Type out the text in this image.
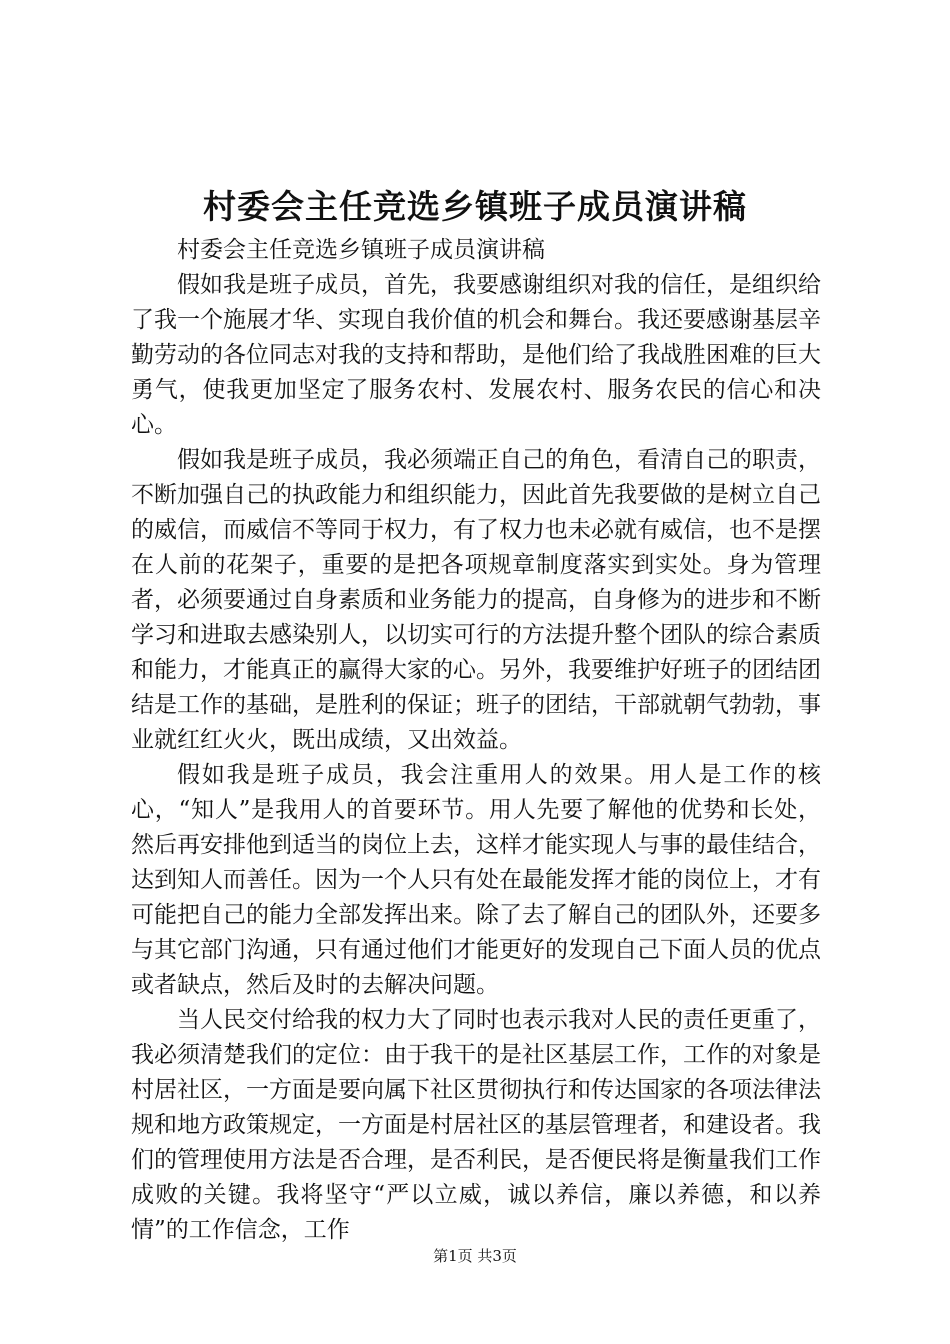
村委会主任竞选乡镇班子成员演讲稿

村委会主任竞选乡镇班子成员演讲稿

假如我是班子成员，首先，我要感谢组织对我的信任，是组织给了我一个施展才华、实现自我价值的机会和舞台。我还要感谢基层辛勤劳动的各位同志对我的支持和帮助，是他们给了我战胜困难的巨大勇气，使我更加坚定了服务农村、发展农村、服务农民的信心和决心。

假如我是班子成员，我必须端正自己的角色，看清自己的职责，不断加强自己的执政能力和组织能力，因此首先我要做的是树立自己的威信，而威信不等同于权力，有了权力也未必就有威信，也不是摆在人前的花架子，重要的是把各项规章制度落实到实处。身为管理者，必须要通过自身素质和业务能力的提高，自身修为的进步和不断学习和进取去感染别人，以切实可行的方法提升整个团队的综合素质和能力，才能真正的赢得大家的心。另外，我要维护好班子的团结团结是工作的基础，是胜利的保证；班子的团结，干部就朝气勃勃，事业就红红火火，既出成绩，又出效益。

假如我是班子成员，我会注重用人的效果。用人是工作的核心，“知人”是我用人的首要环节。用人先要了解他的优势和长处，然后再安排他到适当的岗位上去，这样才能实现人与事的最佳结合，达到知人而善任。因为一个人只有处在最能发挥才能的岗位上，才有可能把自己的能力全部发挥出来。除了去了解自己的团队外，还要多与其它部门沟通，只有通过他们才能更好的发现自己下面人员的优点或者缺点，然后及时的去解决问题。

当人民交付给我的权力大了同时也表示我对人民的责任更重了，我必须清楚我们的定位：由于我干的是社区基层工作，工作的对象是村居社区，一方面是要向属下社区贯彻执行和传达国家的各项法律法规和地方政策规定，一方面是村居社区的基层管理者，和建设者。我们的管理使用方法是否合理，是否利民，是否便民将是衡量我们工作成败的关键。我将坚守“严以立威，诚以养信，廉以养德，和以养情”的工作信念，工作

第1页 共3页
